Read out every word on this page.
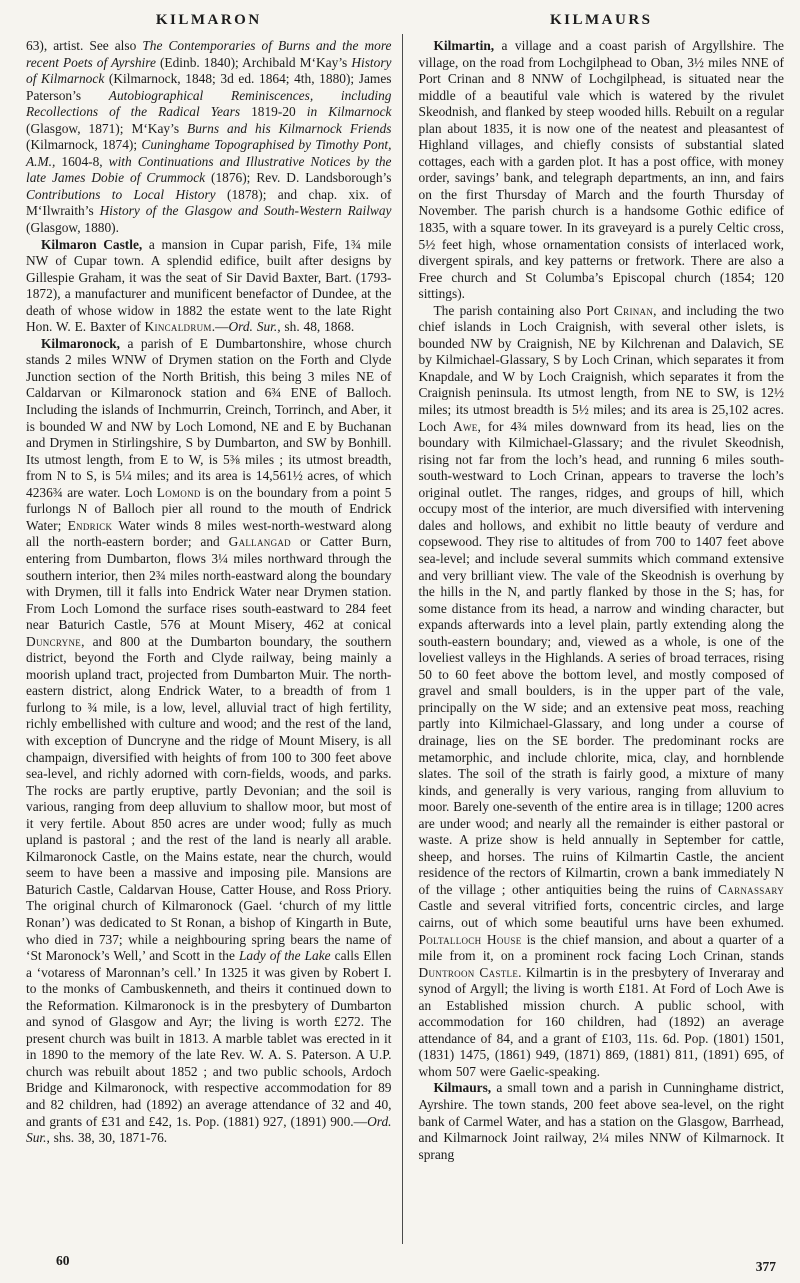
KILMARON

63), artist. See also The Contemporaries of Burns and the more recent Poets of Ayrshire (Edinb. 1840); Archibald M‘Kay’s History of Kilmarnock (Kilmarnock, 1848; 3d ed. 1864; 4th, 1880); James Paterson’s Autobiographical Reminiscences, including Recollections of the Radical Years 1819-20 in Kilmarnock (Glasgow, 1871); M‘Kay’s Burns and his Kilmarnock Friends (Kilmarnock, 1874); Cuninghame Topographised by Timothy Pont, A.M., 1604-8, with Continuations and Illustrative Notices by the late James Dobie of Crummock (1876); Rev. D. Landsborough’s Contributions to Local History (1878); and chap. xix. of M‘Ilwraith’s History of the Glasgow and South-Western Railway (Glasgow, 1880).

Kilmaron Castle, a mansion in Cupar parish, Fife, 1¾ mile NW of Cupar town. A splendid edifice, built after designs by Gillespie Graham, it was the seat of Sir David Baxter, Bart. (1793-1872), a manufacturer and munificent benefactor of Dundee, at the death of whose widow in 1882 the estate went to the late Right Hon. W. E. Baxter of Kincaldrum.—Ord. Sur., sh. 48, 1868.

Kilmaronock, a parish of E Dumbartonshire, whose church stands 2 miles WNW of Drymen station on the Forth and Clyde Junction section of the North British, this being 3 miles NE of Caldarvan or Kilmaronock station and 6¾ ENE of Balloch. Including the islands of Inchmurrin, Creinch, Torrinch, and Aber, it is bounded W and NW by Loch Lomond, NE and E by Buchanan and Drymen in Stirlingshire, S by Dumbarton, and SW by Bonhill. Its utmost length, from E to W, is 5⅜ miles ; its utmost breadth, from N to S, is 5¼ miles; and its area is 14,561½ acres, of which 4236¾ are water. Loch Lomond is on the boundary from a point 5 furlongs N of Balloch pier all round to the mouth of Endrick Water; Endrick Water winds 8 miles west-north-westward along all the north-eastern border; and Gallangad or Catter Burn, entering from Dumbarton, flows 3¼ miles northward through the southern interior, then 2¾ miles north-eastward along the boundary with Drymen, till it falls into Endrick Water near Drymen station. From Loch Lomond the surface rises south-eastward to 284 feet near Baturich Castle, 576 at Mount Misery, 462 at conical Duncryne, and 800 at the Dumbarton boundary, the southern district, beyond the Forth and Clyde railway, being mainly a moorish upland tract, projected from Dumbarton Muir. The north-eastern district, along Endrick Water, to a breadth of from 1 furlong to ¾ mile, is a low, level, alluvial tract of high fertility, richly embellished with culture and wood; and the rest of the land, with exception of Duncryne and the ridge of Mount Misery, is all champaign, diversified with heights of from 100 to 300 feet above sea-level, and richly adorned with corn-fields, woods, and parks. The rocks are partly eruptive, partly Devonian; and the soil is various, ranging from deep alluvium to shallow moor, but most of it very fertile. About 850 acres are under wood; fully as much upland is pastoral ; and the rest of the land is nearly all arable. Kilmaronock Castle, on the Mains estate, near the church, would seem to have been a massive and imposing pile. Mansions are Baturich Castle, Caldarvan House, Catter House, and Ross Priory. The original church of Kilmaronock (Gael. ‘church of my little Ronan’) was dedicated to St Ronan, a bishop of Kingarth in Bute, who died in 737; while a neighbouring spring bears the name of ‘St Maronock’s Well,’ and Scott in the Lady of the Lake calls Ellen a ‘votaress of Maronnan’s cell.’ In 1325 it was given by Robert I. to the monks of Cambuskenneth, and theirs it continued down to the Reformation. Kilmaronock is in the presbytery of Dumbarton and synod of Glasgow and Ayr; the living is worth £272. The present church was built in 1813. A marble tablet was erected in it in 1890 to the memory of the late Rev. W. A. S. Paterson. A U.P. church was rebuilt about 1852 ; and two public schools, Ardoch Bridge and Kilmaronock, with respective accommodation for 89 and 82 children, had (1892) an average attendance of 32 and 40, and grants of £31 and £42, 1s. Pop. (1881) 927, (1891) 900.—Ord. Sur., shs. 38, 30, 1871-76.

KILMAURS

Kilmartin, a village and a coast parish of Argyllshire. The village, on the road from Lochgilphead to Oban, 3½ miles NNE of Port Crinan and 8 NNW of Lochgilphead, is situated near the middle of a beautiful vale which is watered by the rivulet Skeodnish, and flanked by steep wooded hills. Rebuilt on a regular plan about 1835, it is now one of the neatest and pleasantest of Highland villages, and chiefly consists of substantial slated cottages, each with a garden plot. It has a post office, with money order, savings’ bank, and telegraph departments, an inn, and fairs on the first Thursday of March and the fourth Thursday of November. The parish church is a handsome Gothic edifice of 1835, with a square tower. In its graveyard is a purely Celtic cross, 5½ feet high, whose ornamentation consists of interlaced work, divergent spirals, and key patterns or fretwork. There are also a Free church and St Columba’s Episcopal church (1854; 120 sittings).

The parish containing also Port Crinan, and including the two chief islands in Loch Craignish, with several other islets, is bounded NW by Craignish, NE by Kilchrenan and Dalavich, SE by Kilmichael-Glassary, S by Loch Crinan, which separates it from Knapdale, and W by Loch Craignish, which separates it from the Craignish peninsula. Its utmost length, from NE to SW, is 12½ miles; its utmost breadth is 5½ miles; and its area is 25,102 acres. Loch Awe, for 4¾ miles downward from its head, lies on the boundary with Kilmichael-Glassary; and the rivulet Skeodnish, rising not far from the loch’s head, and running 6 miles south-south-westward to Loch Crinan, appears to traverse the loch’s original outlet. The ranges, ridges, and groups of hill, which occupy most of the interior, are much diversified with intervening dales and hollows, and exhibit no little beauty of verdure and copsewood. They rise to altitudes of from 700 to 1407 feet above sea-level; and include several summits which command extensive and very brilliant view. The vale of the Skeodnish is overhung by the hills in the N, and partly flanked by those in the S; has, for some distance from its head, a narrow and winding character, but expands afterwards into a level plain, partly extending along the south-eastern boundary; and, viewed as a whole, is one of the loveliest valleys in the Highlands. A series of broad terraces, rising 50 to 60 feet above the bottom level, and mostly composed of gravel and small boulders, is in the upper part of the vale, principally on the W side; and an extensive peat moss, reaching partly into Kilmichael-Glassary, and long under a course of drainage, lies on the SE border. The predominant rocks are metamorphic, and include chlorite, mica, clay, and hornblende slates. The soil of the strath is fairly good, a mixture of many kinds, and generally is very various, ranging from alluvium to moor. Barely one-seventh of the entire area is in tillage; 1200 acres are under wood; and nearly all the remainder is either pastoral or waste. A prize show is held annually in September for cattle, sheep, and horses. The ruins of Kilmartin Castle, the ancient residence of the rectors of Kilmartin, crown a bank immediately N of the village ; other antiquities being the ruins of Carnassary Castle and several vitrified forts, concentric circles, and large cairns, out of which some beautiful urns have been exhumed. Poltalloch House is the chief mansion, and about a quarter of a mile from it, on a prominent rock facing Loch Crinan, stands Duntroon Castle. Kilmartin is in the presbytery of Inveraray and synod of Argyll; the living is worth £181. At Ford of Loch Awe is an Established mission church. A public school, with accommodation for 160 children, had (1892) an average attendance of 84, and a grant of £103, 11s. 6d. Pop. (1801) 1501, (1831) 1475, (1861) 949, (1871) 869, (1881) 811, (1891) 695, of whom 507 were Gaelic-speaking.

Kilmaurs, a small town and a parish in Cunninghame district, Ayrshire. The town stands, 200 feet above sea-level, on the right bank of Carmel Water, and has a station on the Glasgow, Barrhead, and Kilmarnock Joint railway, 2¼ miles NNW of Kilmarnock. It sprang

60	377
